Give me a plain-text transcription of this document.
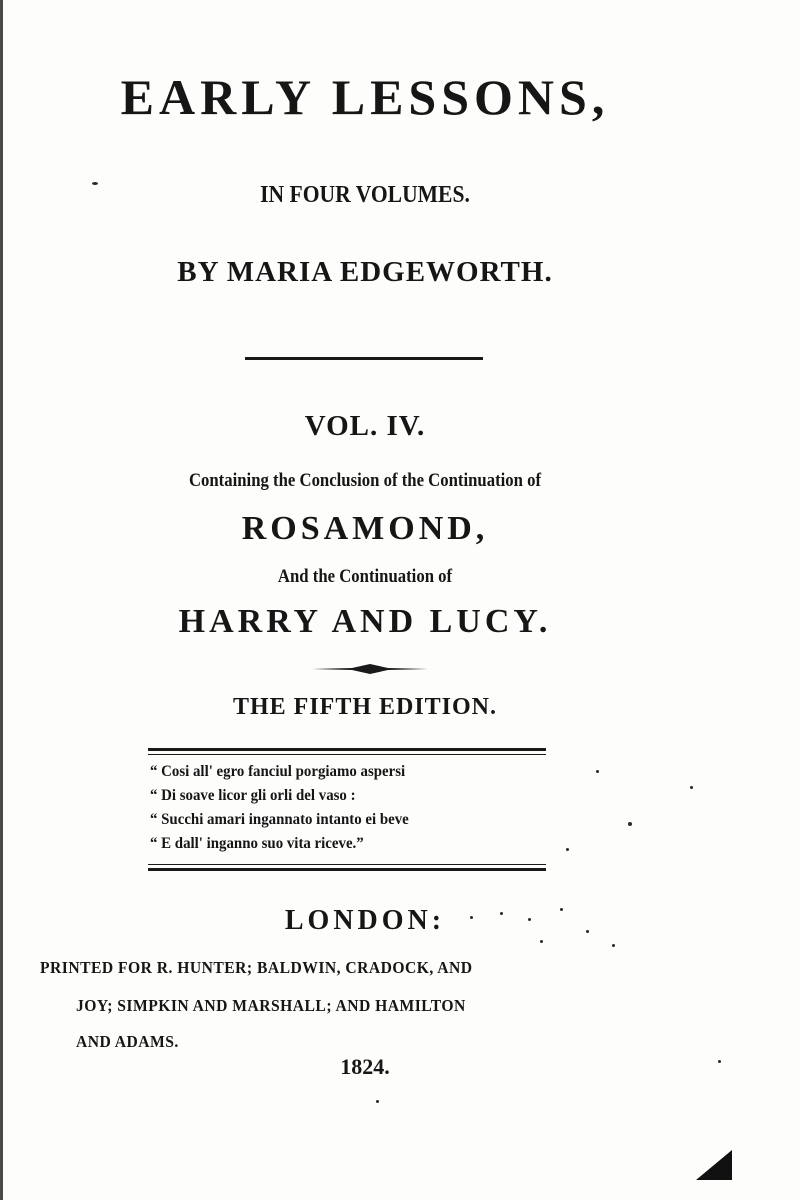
EARLY LESSONS,
IN FOUR VOLUMES.
BY MARIA EDGEWORTH.
VOL. IV.
Containing the Conclusion of the Continuation of
ROSAMOND,
And the Continuation of
HARRY AND LUCY.
THE FIFTH EDITION.
“ Cosi all' egro fanciul porgiamo aspersi
“ Di soave licor gli orli del vaso :
“ Succhi amari ingannato intanto ei beve
“ E dall' inganno suo vita riceve.”
LONDON:
PRINTED FOR R. HUNTER; BALDWIN, CRADOCK, AND
JOY; SIMPKIN AND MARSHALL; AND HAMILTON
AND ADAMS.
1824.
